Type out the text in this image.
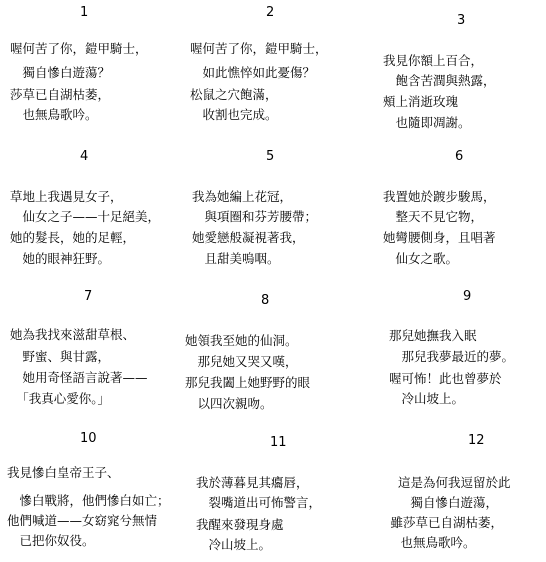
1
喔何苦了你，鎧甲騎士，
　獨自慘白遊蕩？
莎草已自湖枯萎，
　也無鳥歌吟。
2
喔何苦了你，鎧甲騎士，
　如此憔悴如此憂傷？
松鼠之穴飽滿，
　收割也完成。
3
我見你額上百合，
　飽含苦潤與熱露，
頰上消逝玫瑰
　也隨即凋謝。
4
草地上我遇見女子，
　仙女之子——十足絕美，
她的髮長，她的足輕，
　她的眼神狂野。
5
我為她編上花冠，
　與項圈和芬芳腰帶；
她愛戀般凝視著我，
　且甜美嗚咽。
6
我置她於踱步駿馬，
　整天不見它物，
她彎腰側身，且唱著
　仙女之歌。
7
她為我找來滋甜草根、
　野蜜、與甘露，
　她用奇怪語言說著——
　「我真心愛你。」
8
她領我至她的仙洞。
　那兒她又哭又嘆，
那兒我闔上她野野的眼
　以四次親吻。
9
那兒她撫我入眠
　那兒我夢最近的夢。
喔可怖！此也曾夢於
　冷山坡上。
10
我見慘白皇帝王子、
　慘白戰將，他們慘白如亡；
他們喊道——女窈窕兮無情
　已把你奴役。
11
我於薄暮見其癟唇，
　裂嘴道出可怖警言，
我醒來發現身處
　冷山坡上。
12
這是為何我逗留於此
　獨自慘白遊蕩，
　雖莎草已自湖枯萎，
　也無鳥歌吟。
